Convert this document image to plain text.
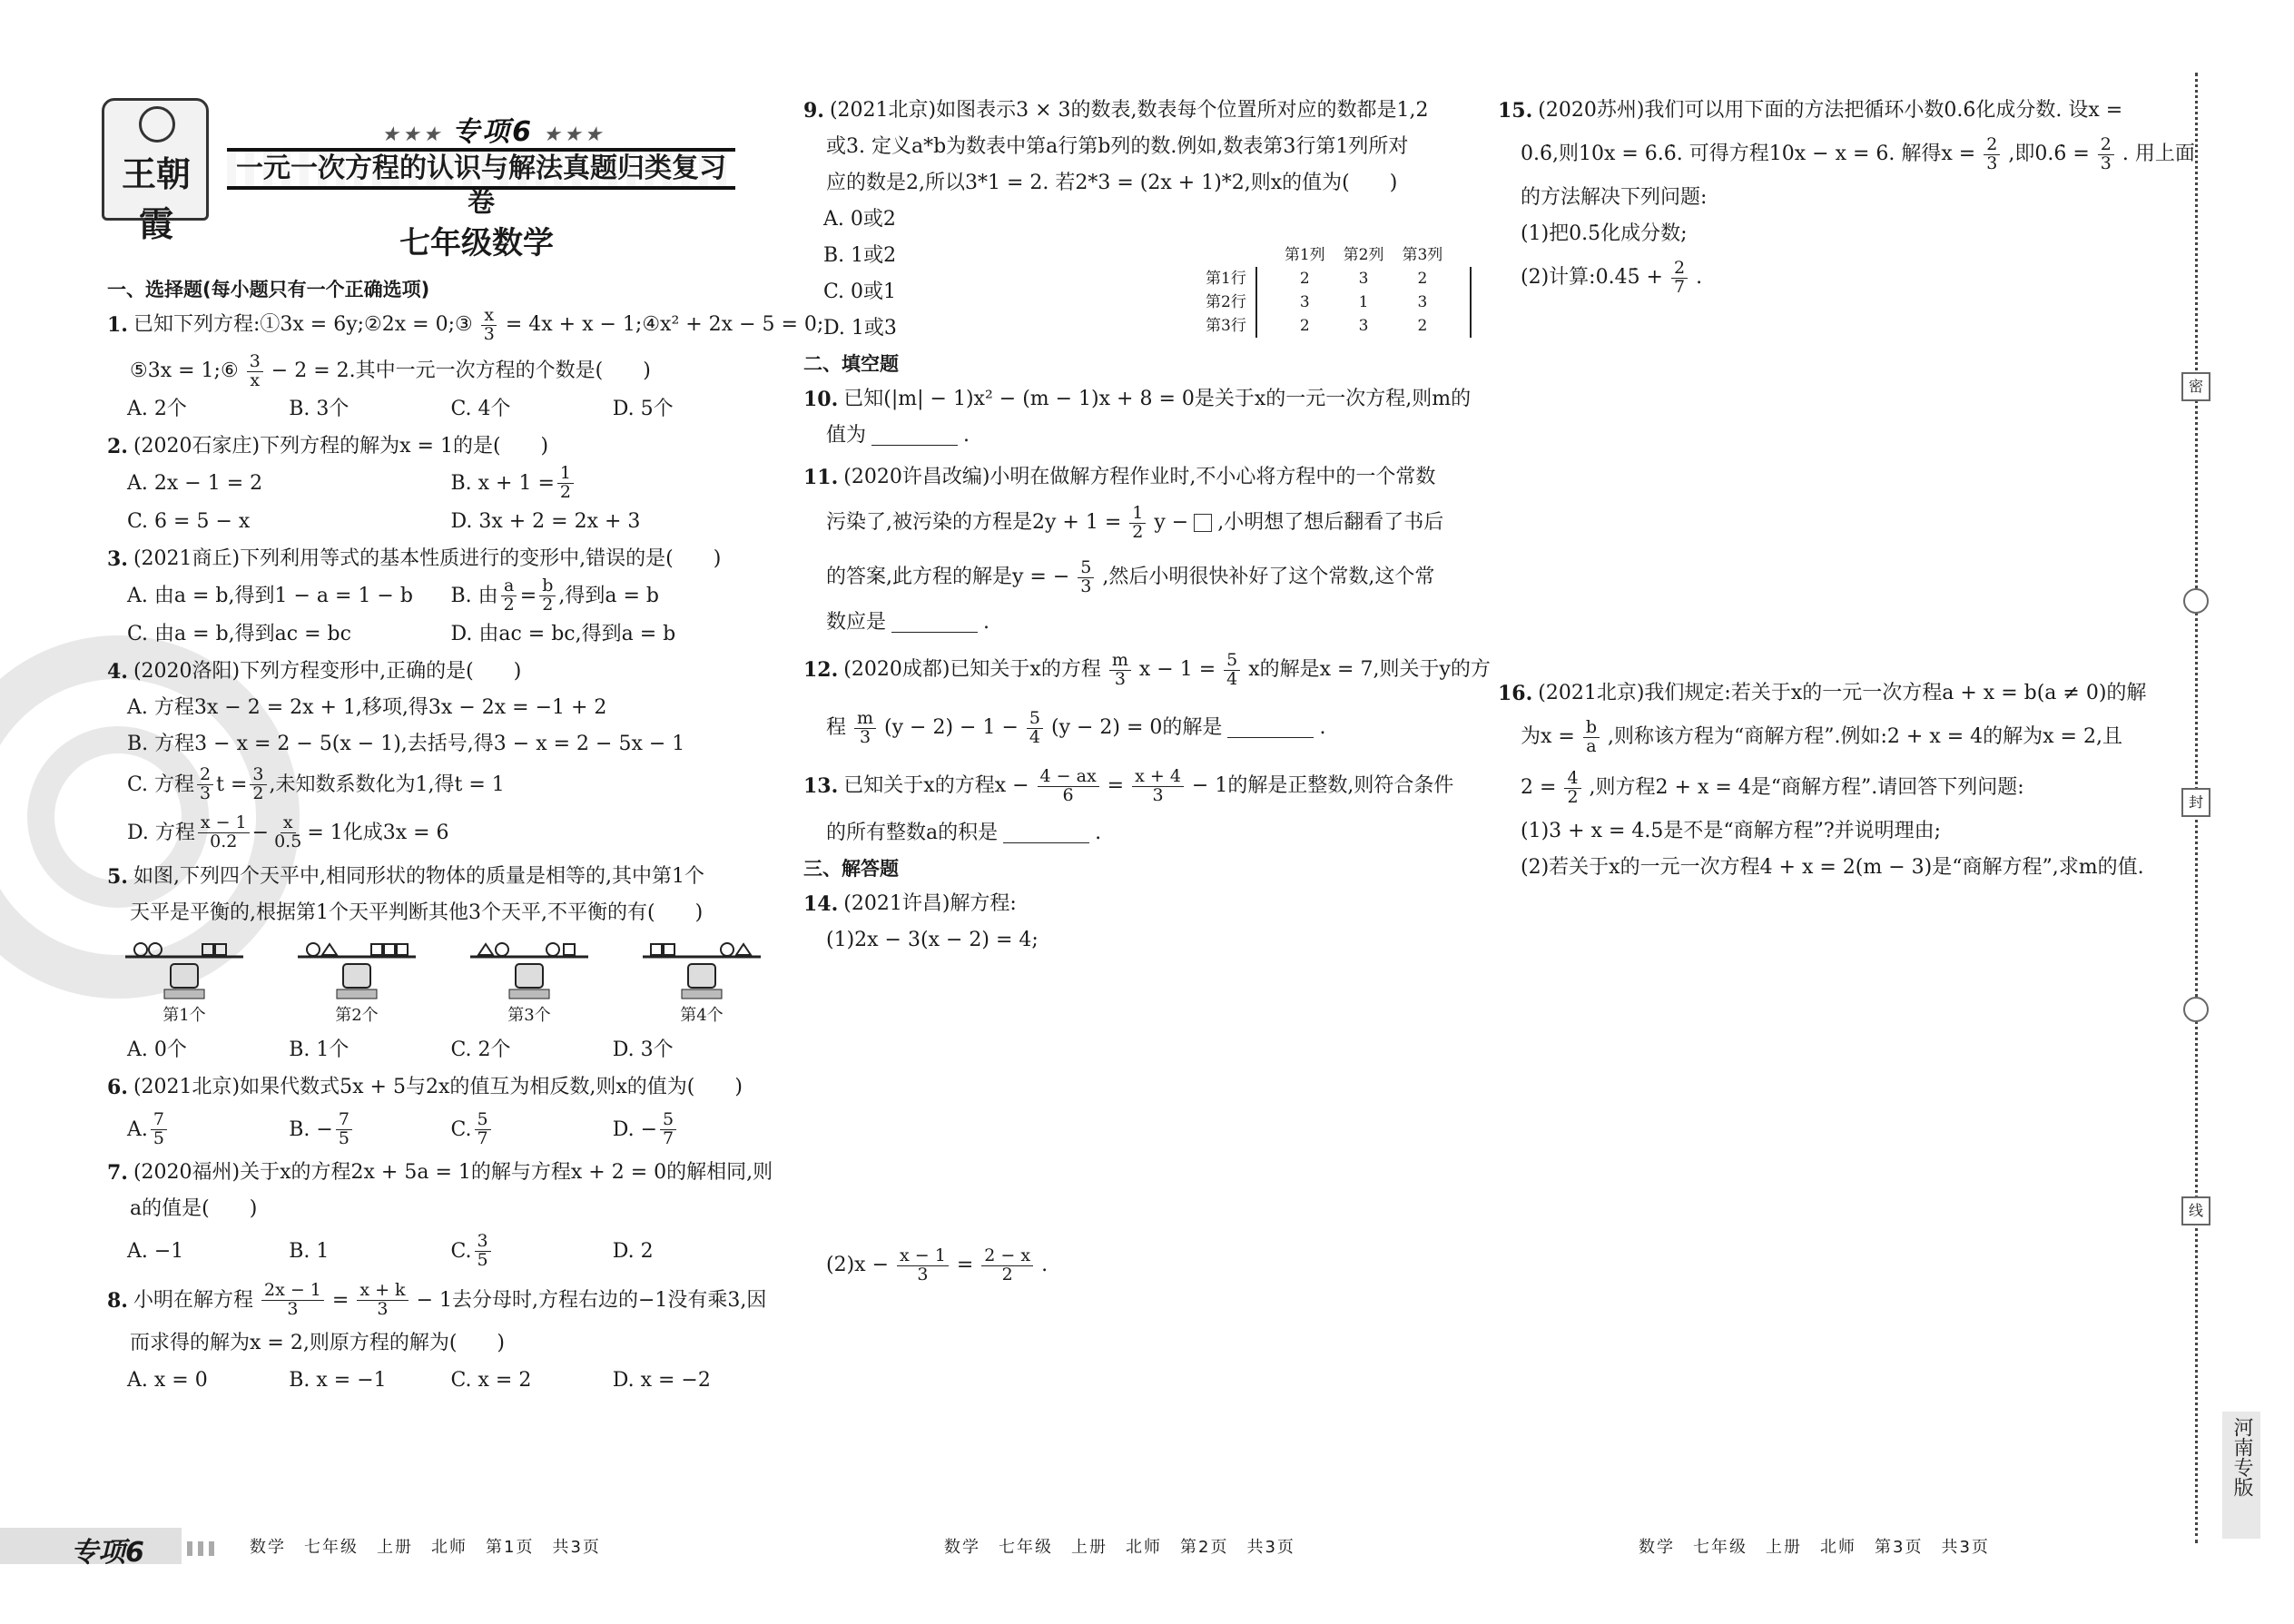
王朝霞
★★★ 专项6 ★★★
一元一次方程的认识与解法真题归类复习卷
七年级数学
一、选择题(每小题只有一个正确选项)
1. 已知下列方程:①3x = 6y;②2x = 0;③ $\frac{x}{3} = 4x + x$ − 1;④x² + 2x − 5 = 0;
⑤3x = 1;⑥ $\frac{3}{x} - 2 = 2$.其中一元一次方程的个数是(　　)
A. 2个	B. 3个	C. 4个	D. 5个
2. (2020石家庄)下列方程的解为x = 1的是(　　)
A. 2x − 1 = 2	B. $x + 1 = \frac{1}{2}$
C. 6 = 5 − x	D. 3x + 2 = 2x + 3
3. (2021商丘)下列利用等式的基本性质进行的变形中,错误的是(　　)
A. 由a = b,得到1 − a = 1 − b	B. 由 $\frac{a}{2} = \frac{b}{2}$ ,得到a = b
C. 由a = b,得到ac = bc	D. 由ac = bc,得到a = b
4. (2020洛阳)下列方程变形中,正确的是(　　)
A. 方程3x − 2 = 2x + 1,移项,得3x − 2x = −1 + 2
B. 方程3 − x = 2 − 5(x − 1),去括号,得3 − x = 2 − 5x − 1
C. 方程 $\frac{2}{3}$ $t = \frac{3}{2}$ ,未知数系数化为1,得t = 1
D. 方程 $\frac{x - 1}{0.2} - \frac{x}{0.5} = 1$化成3x = 6
5. 如图,下列四个天平中,相同形状的物体的质量是相等的,其中第1个
天平是平衡的,根据第1个天平判断其他3个天平,不平衡的有(　　)
第1个	第2个	第3个	第4个
A. 0个	B. 1个	C. 2个	D. 3个
6. (2021北京)如果代数式5x + 5与2x的值互为相反数,则x的值为(　　)
A. $\frac{7}{5}$	B. − $\frac{7}{5}$	C. $\frac{5}{7}$	D. − $\frac{5}{7}$
7. (2020福州)关于x的方程2x + 5a = 1的解与方程x + 2 = 0的解相同,则
a的值是(　　)
A. −1	B. 1	C. $\frac{3}{5}$	D. 2
8. 小明在解方程 $\frac{2x - 1}{3} = \frac{x + k}{3} - 1$去分母时,方程右边的−1没有乘3,因
而求得的解为x = 2,则原方程的解为(　　)
A. x = 0	B. x = −1	C. x = 2	D. x = −2
9. (2021北京)如图表示3 × 3的数表,数表每个位置所对应的数都是1,2
或3. 定义a*b为数表中第a行第b列的数.例如,数表第3行第1列所对
应的数是2,所以3*1 = 2. 若2*3 = (2x + 1)*2,则x的值为(　　)
A. 0或2
B. 1或2
C. 0或1
D. 1或3
二、填空题
10. 已知(|m| − 1)x² − (m − 1)x + 8 = 0是关于x的一元一次方程,则m的
值为	.
11. (2020许昌改编)小明在做解方程作业时,不小心将方程中的一个常数
污染了,被污染的方程是$2y + 1 = \frac{1}{2}$ y − ,小明想了想后翻看了书后
的答案,此方程的解是y = − $\frac{5}{3}$ ,然后小明很快补好了这个常数,这个常
数应是	.
12. (2020成都)已知关于x的方程 $\frac{m}{3}$ $x - 1 = \frac{5}{4}$ x的解是x = 7,则关于y的方
程 $\frac{m}{3} (y - 2) - 1 - \frac{5}{4} (y - 2) = 0$的解是	.
13. 已知关于x的方程$x - \frac{4 - ax}{6} = \frac{x + 4}{3} - 1$的解是正整数,则符合条件
的所有整数a的积是	.
三、解答题
14. (2021许昌)解方程:
(1)2x − 3(x − 2) = 4;
$(2)x - \frac{x - 1}{3} = \frac{2 - x}{2}$ .
		第1列	第2列	第3列	
第1行		2	3	2	
第2行		3	1	3	
第3行		2	3	2	
15. (2020苏州)我们可以用下面的方法把循环小数0.6̇化成分数. 设x =
0.6̇,则10x = 6.6̇. 可得方程10x − x = 6. 解得$x = \frac{2}{3}$ ,即0.6̇ = $\frac{2}{3}$ . 用上面
的方法解决下列问题:
(1)把0.5̇化成分数;
(2)计算:0.4̇5̇ + $\frac{2}{7}$ .
16. (2021北京)我们规定:若关于x的一元一次方程a + x = b(a ≠ 0)的解
为$x = \frac{b}{a}$ ,则称该方程为“商解方程”.例如:2 + x = 4的解为x = 2,且
$2 = \frac{4}{2}$ ,则方程2 + x = 4是“商解方程”.请回答下列问题:
(1)3 + x = 4.5是不是“商解方程”?并说明理由;
(2)若关于x的一元一次方程4 + x = 2(m − 3)是“商解方程”,求m的值.
密
封
线
河南专版
专项6	数学　七年级　上册　北师　第1页　共3页	数学　七年级　上册　北师　第2页　共3页	数学　七年级　上册　北师　第3页　共3页
